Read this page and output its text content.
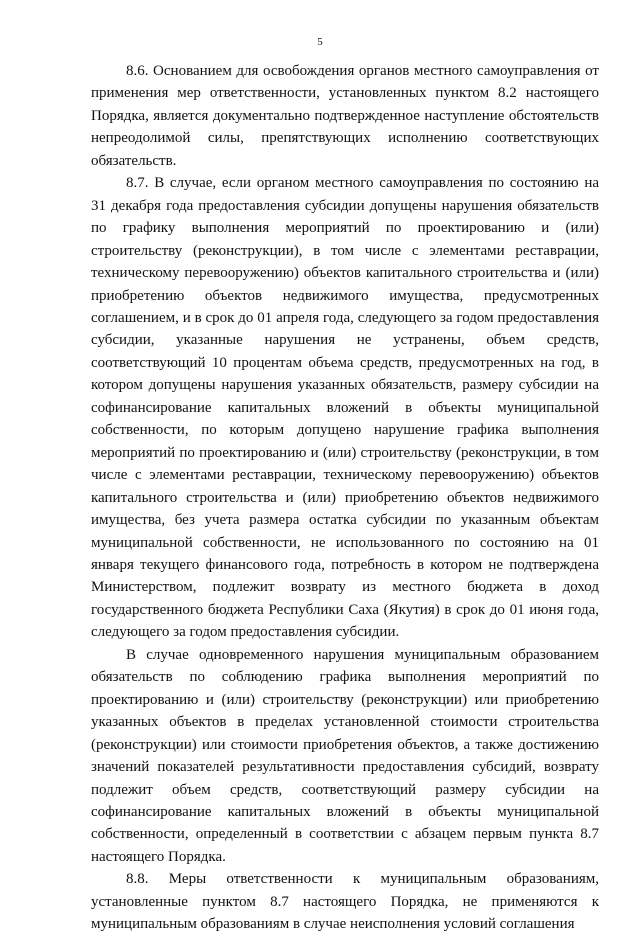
5

8.6. Основанием для освобождения органов местного самоуправления от применения мер ответственности, установленных пунктом 8.2 настоящего Порядка, является документально подтвержденное наступление обстоятельств непреодолимой силы, препятствующих исполнению соответствующих обязательств.

8.7. В случае, если органом местного самоуправления по состоянию на 31 декабря года предоставления субсидии допущены нарушения обязательств по графику выполнения мероприятий по проектированию и (или) строительству (реконструкции), в том числе с элементами реставрации, техническому перевооружению) объектов капитального строительства и (или) приобретению объектов недвижимого имущества, предусмотренных соглашением, и в срок до 01 апреля года, следующего за годом предоставления субсидии, указанные нарушения не устранены, объем средств, соответствующий 10 процентам объема средств, предусмотренных на год, в котором допущены нарушения указанных обязательств, размеру субсидии на софинансирование капитальных вложений в объекты муниципальной собственности, по которым допущено нарушение графика выполнения мероприятий по проектированию и (или) строительству (реконструкции, в том числе с элементами реставрации, техническому перевооружению) объектов капитального строительства и (или) приобретению объектов недвижимого имущества, без учета размера остатка субсидии по указанным объектам муниципальной собственности, не использованного по состоянию на 01 января текущего финансового года, потребность в котором не подтверждена Министерством, подлежит возврату из местного бюджета в доход государственного бюджета Республики Саха (Якутия) в срок до 01 июня года, следующего за годом предоставления субсидии.

В случае одновременного нарушения муниципальным образованием обязательств по соблюдению графика выполнения мероприятий по проектированию и (или) строительству (реконструкции) или приобретению указанных объектов в пределах установленной стоимости строительства (реконструкции) или стоимости приобретения объектов, а также достижению значений показателей результативности предоставления субсидий, возврату подлежит объем средств, соответствующий размеру субсидии на софинансирование капитальных вложений в объекты муниципальной собственности, определенный в соответствии с абзацем первым пункта 8.7 настоящего Порядка.

8.8. Меры ответственности к муниципальным образованиям, установленные пунктом 8.7 настоящего Порядка, не применяются к муниципальным образованиям в случае неисполнения условий соглашения
